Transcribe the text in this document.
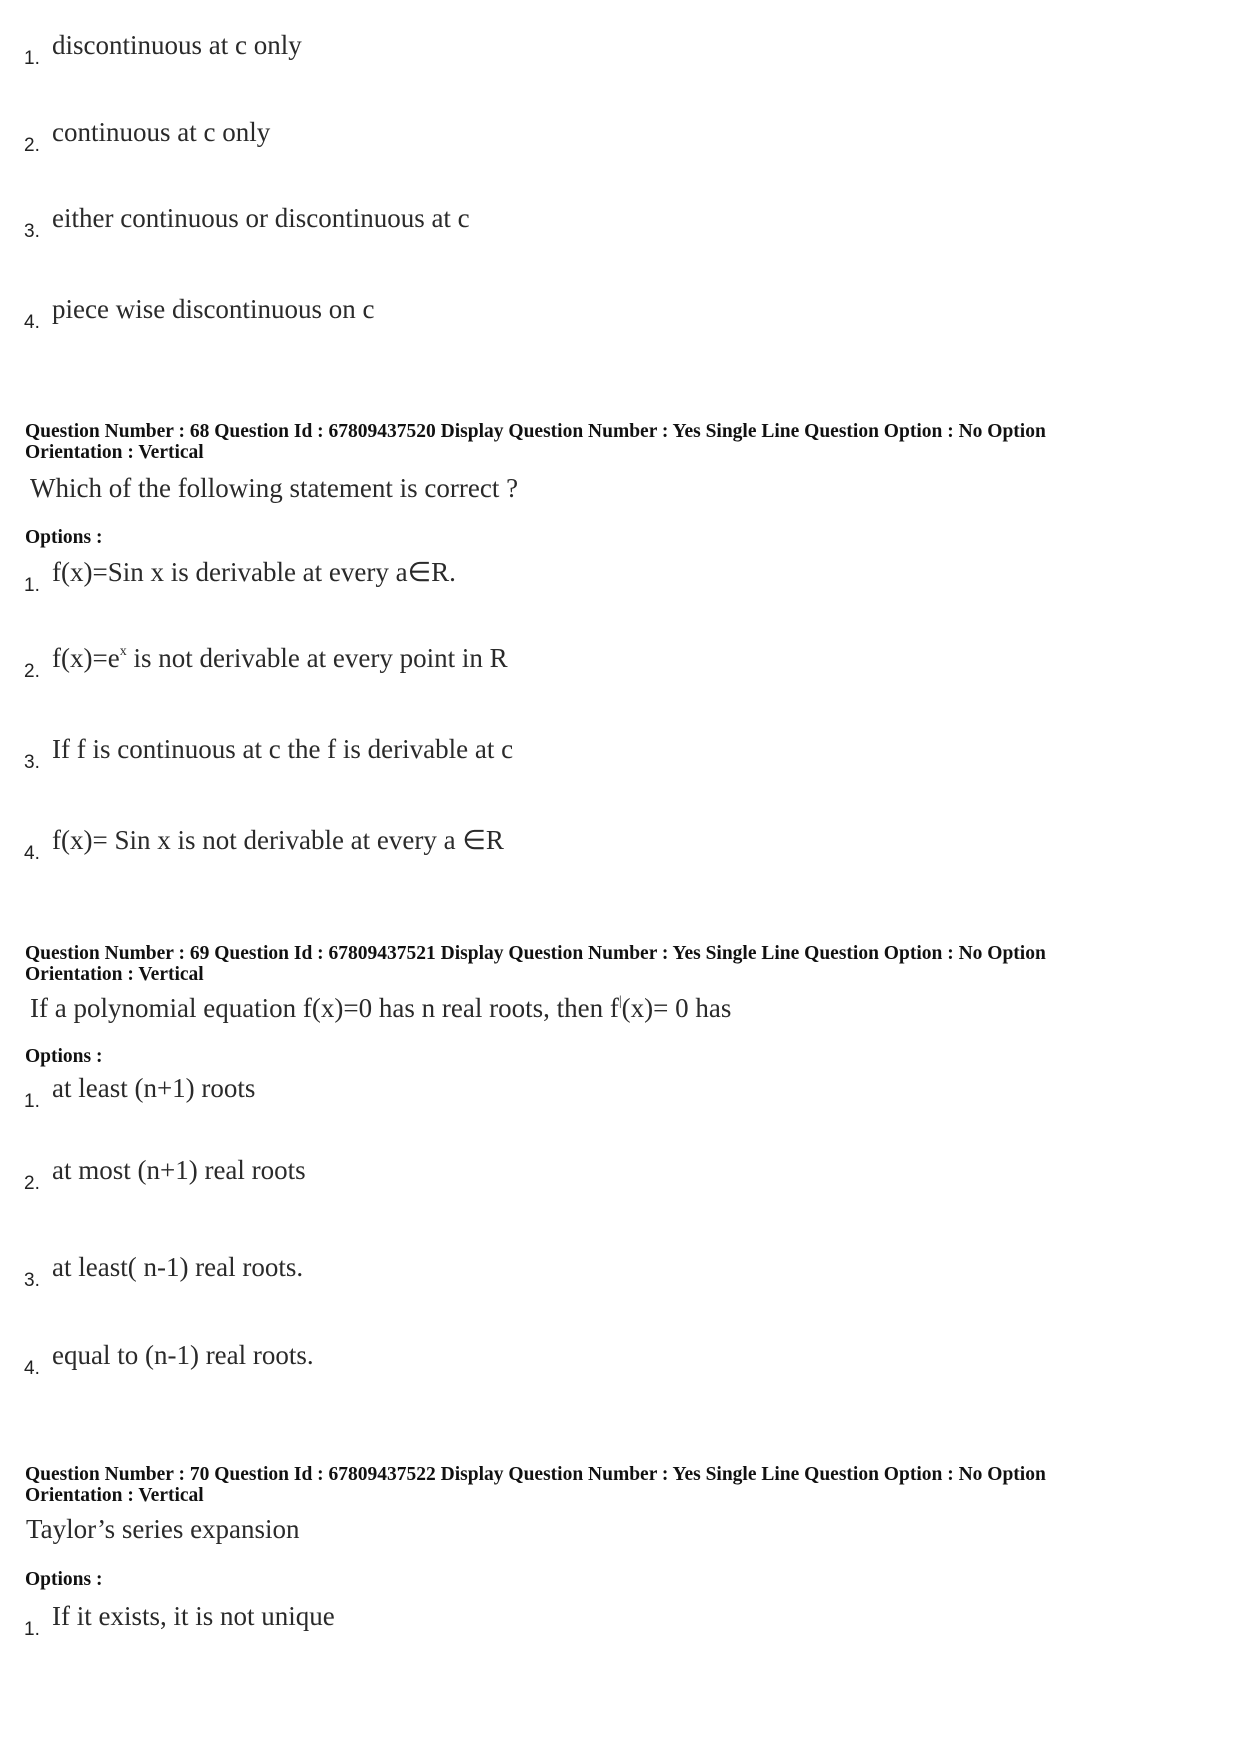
1. discontinuous at c only
2. continuous at c only
3. either continuous or discontinuous at c
4. piece wise discontinuous on c
Question Number : 68 Question Id : 67809437520 Display Question Number : Yes Single Line Question Option : No Option
Orientation : Vertical
Which of the following statement is correct ?
Options :
1. f(x)=Sin x is derivable at every a∈R.
2. $f(x)=e^x$ is not derivable at every point in R
3. If f is continuous at c the f is derivable at c
4. f(x)= Sin x is not derivable at every a ∈R
Question Number : 69 Question Id : 67809437521 Display Question Number : Yes Single Line Question Option : No Option
Orientation : Vertical
If a polynomial equation f(x)=0 has n real roots, then f|(x)= 0 has
Options :
1. at least (n+1) roots
2. at most (n+1) real roots
3. at least( n-1) real roots.
4. equal to (n-1) real roots.
Question Number : 70 Question Id : 67809437522 Display Question Number : Yes Single Line Question Option : No Option
Orientation : Vertical
Taylor’s series expansion
Options :
1. If it exists, it is not unique
